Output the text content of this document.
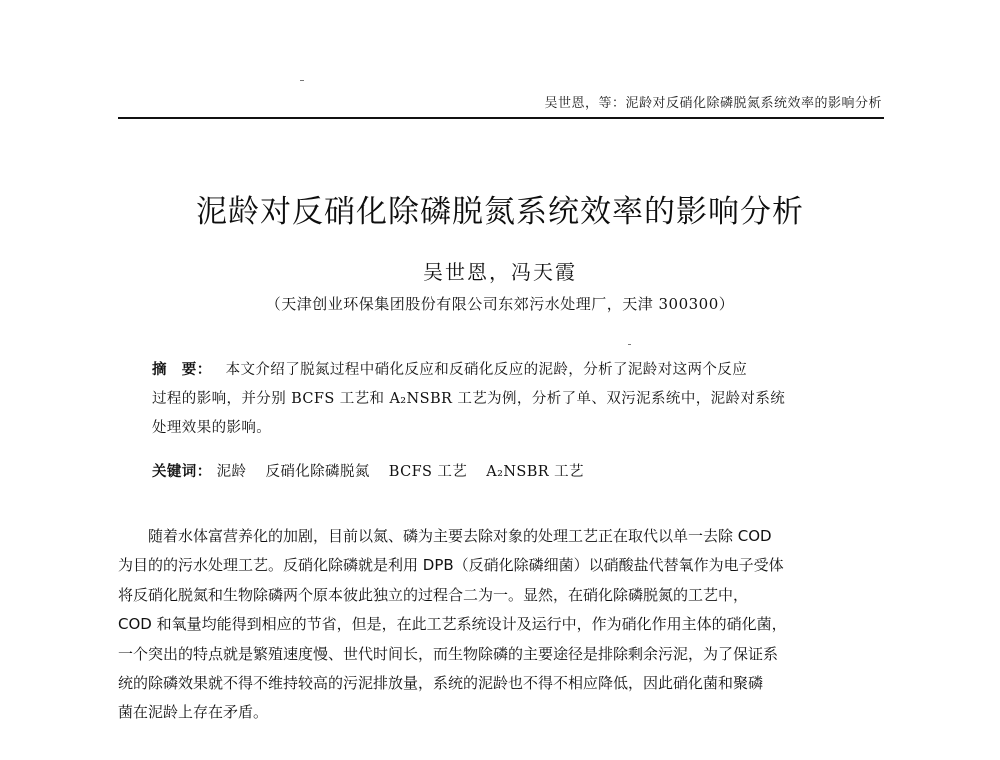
吴世恩，等：泥龄对反硝化除磷脱氮系统效率的影响分析
泥龄对反硝化除磷脱氮系统效率的影响分析
吴世恩，冯天霞
（天津创业环保集团股份有限公司东郊污水处理厂，天津 300300）
摘　要： 本文介绍了脱氮过程中硝化反应和反硝化反应的泥龄，分析了泥龄对这两个反应
过程的影响，并分别 BCFS 工艺和 A₂NSBR 工艺为例，分析了单、双污泥系统中，泥龄对系统
处理效果的影响。
关键词： 泥龄 反硝化除磷脱氮 BCFS 工艺 A₂NSBR 工艺
随着水体富营养化的加剧，目前以氮、磷为主要去除对象的处理工艺正在取代以单一去除 COD
为目的的污水处理工艺。反硝化除磷就是利用 DPB（反硝化除磷细菌）以硝酸盐代替氧作为电子受体
将反硝化脱氮和生物除磷两个原本彼此独立的过程合二为一。显然，在硝化除磷脱氮的工艺中，
COD 和氧量均能得到相应的节省，但是，在此工艺系统设计及运行中，作为硝化作用主体的硝化菌，
一个突出的特点就是繁殖速度慢、世代时间长，而生物除磷的主要途径是排除剩余污泥，为了保证系
统的除磷效果就不得不维持较高的污泥排放量，系统的泥龄也不得不相应降低，因此硝化菌和聚磷
菌在泥龄上存在矛盾。
